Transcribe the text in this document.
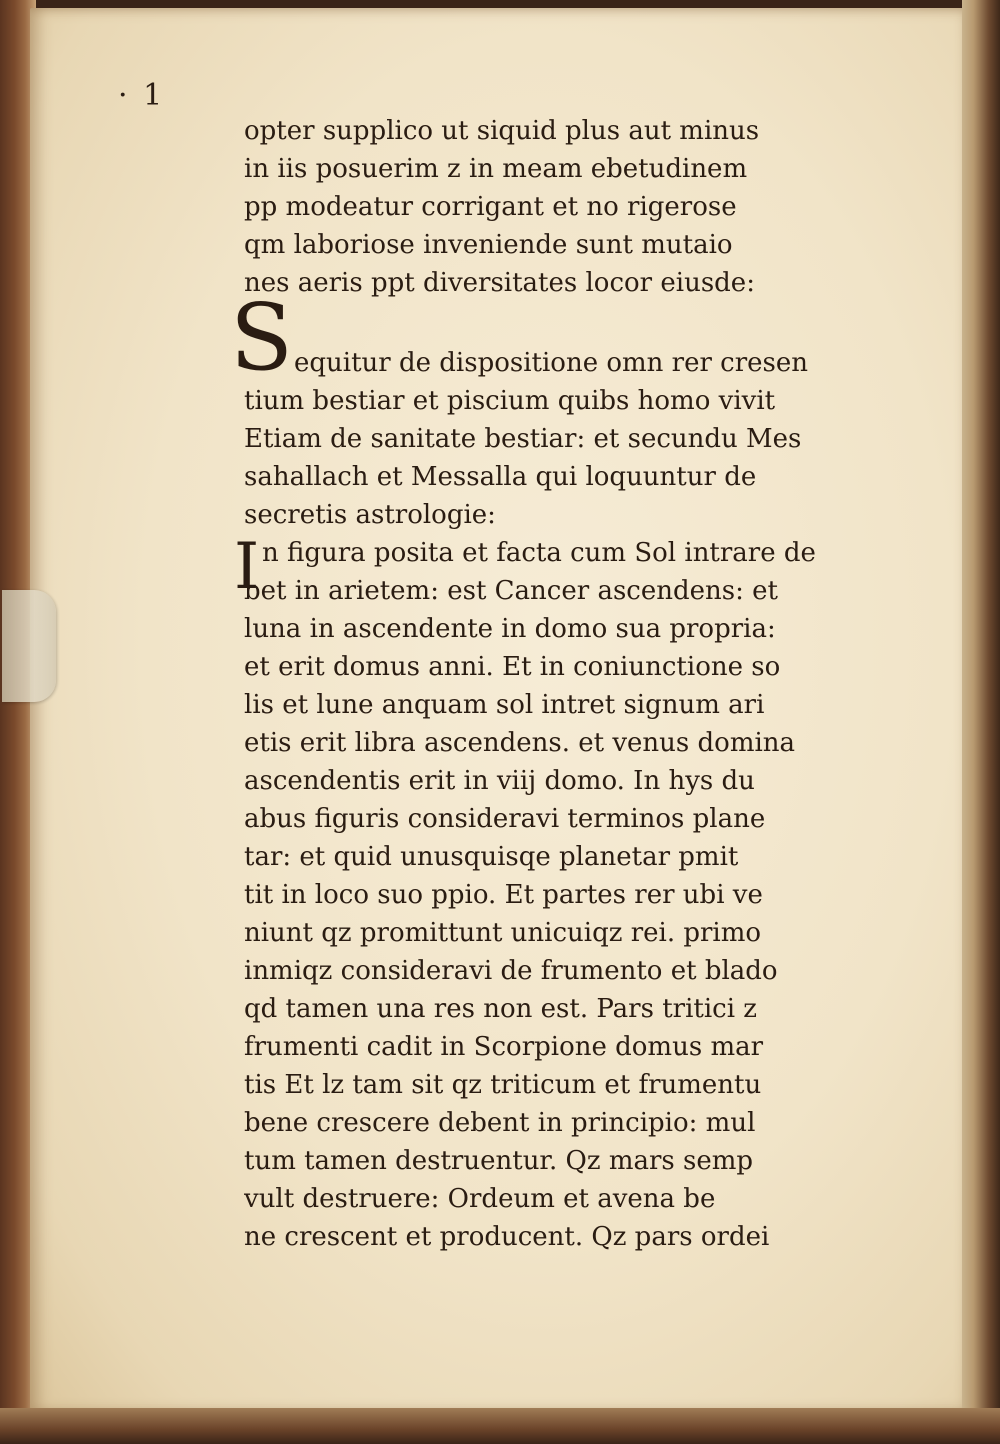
· 1
opter supplico ut siquid plus aut minus
in iis posuerim z in meam ebetudinem
pp modeatur corrigant et no rigerose
qm laboriose inveniende sunt mutaio
nes aeris ppt diversitates locor eiusde:
S equitur de dispositione omn rer cresen
tium bestiar et piscium quibs homo vivit
Etiam de sanitate bestiar: et secundu Mes
sahallach et Messalla qui loquuntur de
secretis astrologie:
I n figura posita et facta cum Sol intrare de
bet in arietem: est Cancer ascendens: et
luna in ascendente in domo sua propria:
et erit domus anni. Et in coniunctione so
lis et lune anquam sol intret signum ari
etis erit libra ascendens. et venus domina
ascendentis erit in viij domo. In hys du
abus figuris consideravi terminos plane
tar: et quid unusquisqe planetar pmit
tit in loco suo ppio. Et partes rer ubi ve
niunt qz promittunt unicuiqz rei. primo
inmiqz consideravi de frumento et blado
qd tamen una res non est. Pars tritici z
frumenti cadit in Scorpione domus mar
tis Et lz tam sit qz triticum et frumentu
bene crescere debent in principio: mul
tum tamen destruentur. Qz mars semp
vult destruere: Ordeum et avena be
ne crescent et producent. Qz pars ordei
